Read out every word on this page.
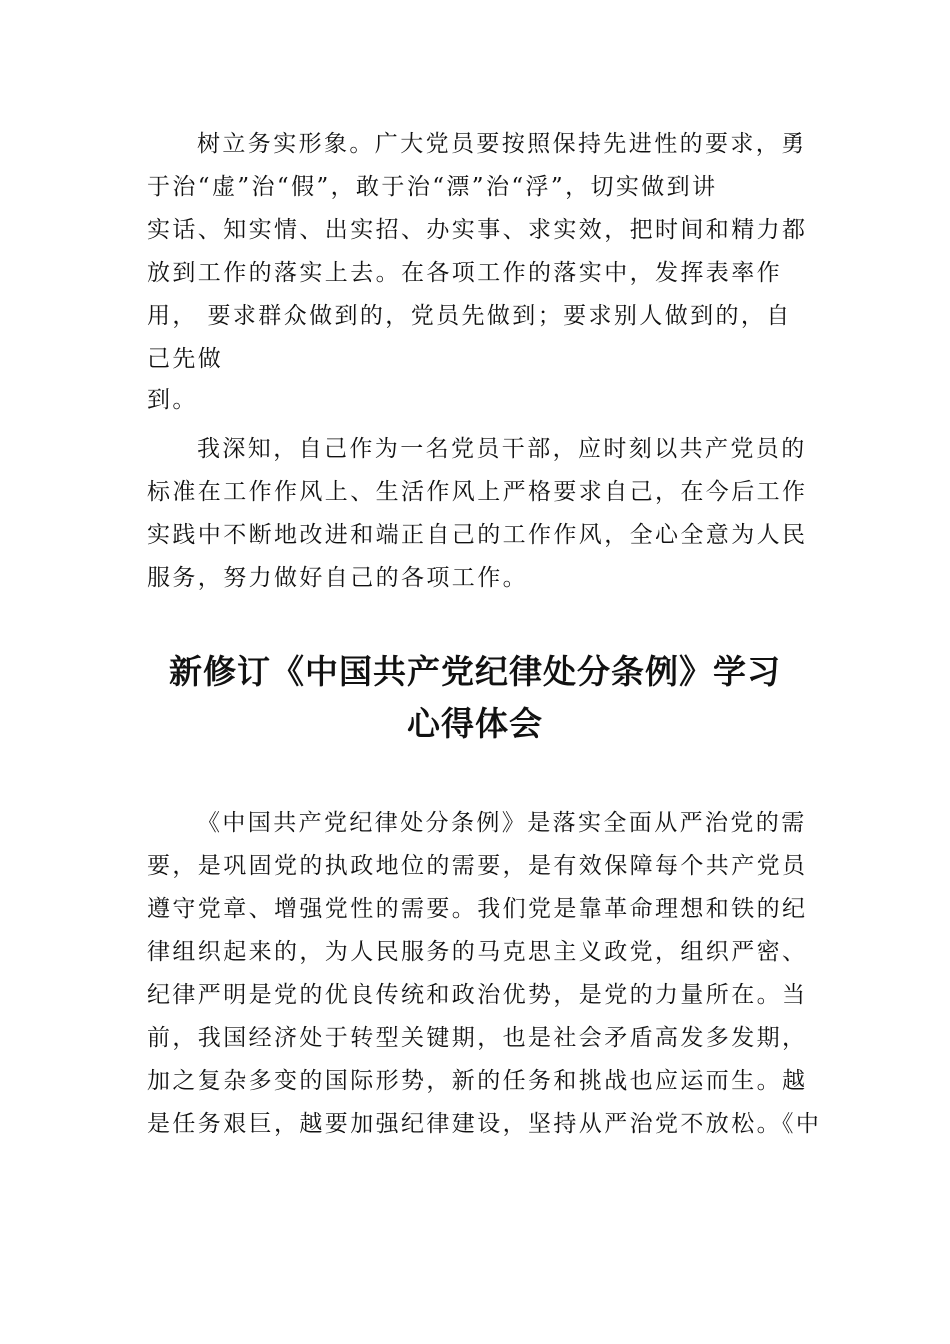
树立务实形象。广大党员要按照保持先进性的要求，勇
于治“虚”治“假”，敢于治“漂”治“浮”，切实做到讲
实话、知实情、出实招、办实事、求实效，把时间和精力都
放到工作的落实上去。在各项工作的落实中，发挥表率作
用， 要求群众做到的，党员先做到；要求别人做到的，自
己先做
到。
我深知，自己作为一名党员干部，应时刻以共产党员的
标准在工作作风上、生活作风上严格要求自己，在今后工作
实践中不断地改进和端正自己的工作作风，全心全意为人民
服务，努力做好自己的各项工作。
新修订《中国共产党纪律处分条例》学习
心得体会
《中国共产党纪律处分条例》是落实全面从严治党的需
要，是巩固党的执政地位的需要，是有效保障每个共产党员
遵守党章、增强党性的需要。我们党是靠革命理想和铁的纪
律组织起来的，为人民服务的马克思主义政党，组织严密、
纪律严明是党的优良传统和政治优势，是党的力量所在。当
前，我国经济处于转型关键期，也是社会矛盾高发多发期，
加之复杂多变的国际形势，新的任务和挑战也应运而生。越
是任务艰巨，越要加强纪律建设，坚持从严治党不放松。《中
